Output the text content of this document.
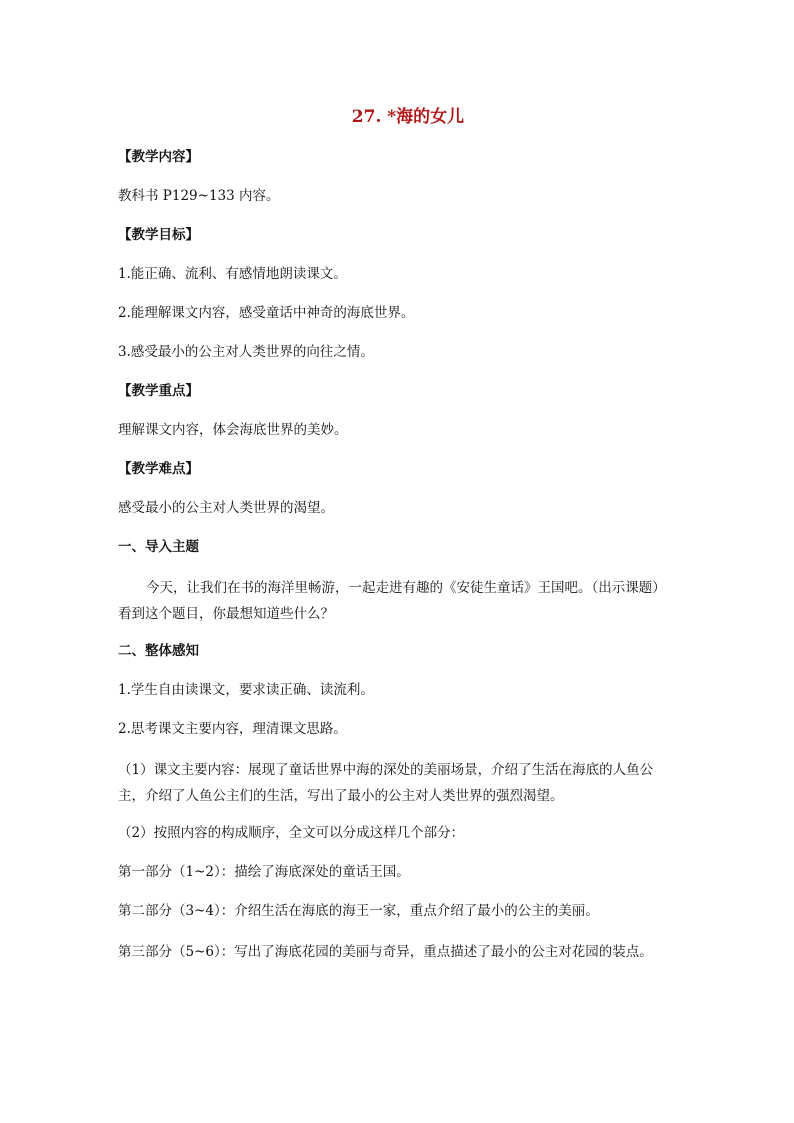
27. *海的女儿
【教学内容】
教科书 P129~133 内容。
【教学目标】
1.能正确、流利、有感情地朗读课文。
2.能理解课文内容，感受童话中神奇的海底世界。
3.感受最小的公主对人类世界的向往之情。
【教学重点】
理解课文内容，体会海底世界的美妙。
【教学难点】
感受最小的公主对人类世界的渴望。
一、导入主题
今天，让我们在书的海洋里畅游，一起走进有趣的《安徒生童话》王国吧。（出示课题）看到这个题目，你最想知道些什么？
二、整体感知
1.学生自由读课文，要求读正确、读流利。
2.思考课文主要内容，理清课文思路。
（1）课文主要内容：展现了童话世界中海的深处的美丽场景，介绍了生活在海底的人鱼公主，介绍了人鱼公主们的生活，写出了最小的公主对人类世界的强烈渴望。
（2）按照内容的构成顺序，全文可以分成这样几个部分：
第一部分（1~2）：描绘了海底深处的童话王国。
第二部分（3~4）：介绍生活在海底的海王一家，重点介绍了最小的公主的美丽。
第三部分（5~6）：写出了海底花园的美丽与奇异，重点描述了最小的公主对花园的装点。
